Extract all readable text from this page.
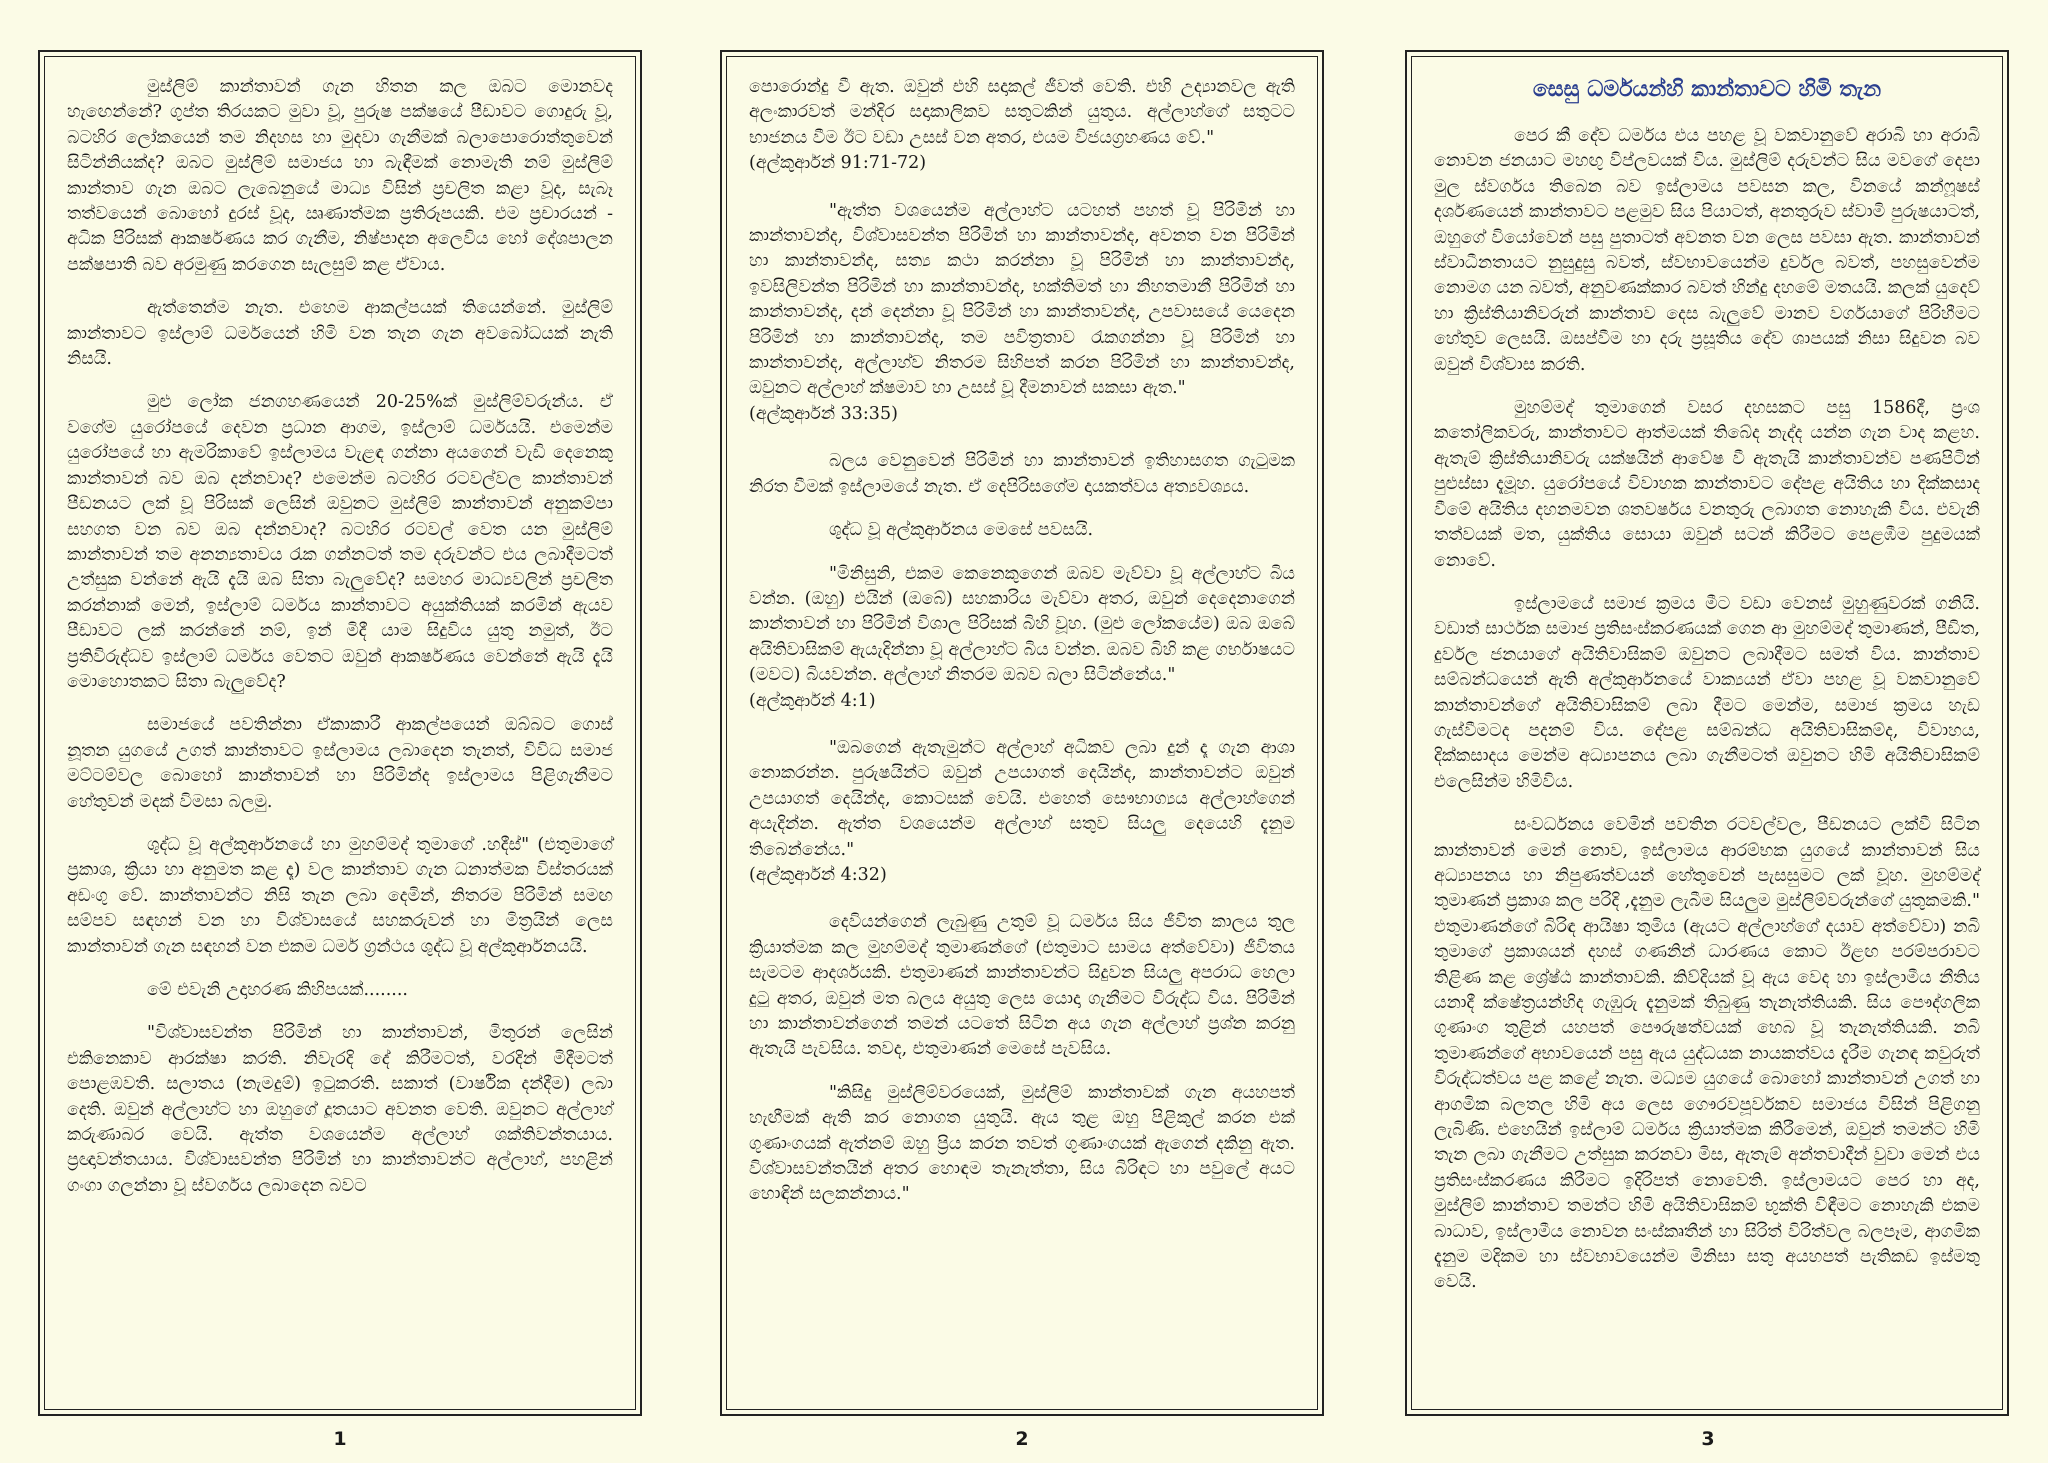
මුස්ලිම් කාන්තාවන් ගැන හිතන කල ඔබට මොනවද හැඟෙන්නේ? ගුප්ත තිරයකට මුවා වූ, පුරුෂ පක්ෂයේ පීඩාවට ගොදුරු වූ, බටහිර ලෝකයෙන් තම නිදහස හා මුදවා ගැනීමක් බලාපොරොත්තුවෙන් සිටින්නියක්ද? ඔබට මුස්ලිම් සමාජය හා බැඳීමක් නොමැති නම් මුස්ලිම් කාන්තාව ගැන ඔබට ලැබෙනුයේ මාධ්‍ය විසින් ප්‍රචලිත කළා වූද, සැබෑ තත්වයෙන් බොහෝ දුරස් වූද, ඍණාත්මක ප්‍රතිරූපයකි. එම ප්‍රචාරයන් - අධික පිරිසක් ආකර්ෂණය කර ගැනීම, නිෂ්පාදන අලෙවිය හෝ දේශපාලන පක්ෂපාති බව අරමුණු කරගෙන සැලසුම් කළ ඒවාය.

ඇත්තෙන්ම නැත. එහෙම ආකල්පයක් තියෙන්නේ. මුස්ලිම් කාන්තාවට ඉස්ලාම් ධර්මයෙන් හිමි වන තැන ගැන අවබෝධයක් නැති නිසයි.

මුළු ලෝක ජනගහණයෙන් 20-25%ක් මුස්ලිම්වරුන්ය. ඒ වගේම යුරෝපයේ දෙවන ප්‍රධාන ආගම, ඉස්ලාම් ධර්මයයි. එමෙන්ම යුරෝපයේ හා ඇමරිකාවේ ඉස්ලාමය වැළඳ ගන්නා අයගෙන් වැඩි දෙනෙකු කාන්තාවන් බව ඔබ දන්නවාද? එමෙන්ම බටහිර රටවල්වල කාන්තාවන් පීඩනයට ලක් වූ පිරිසක් ලෙසින් ඔවුනට මුස්ලිම් කාන්තාවන් අනුකම්පා සහගත වන බව ඔබ දන්නවාද? බටහිර රටවල් වෙත යන මුස්ලිම් කාන්තාවන් තම අනන්‍යතාවය රැක ගන්නටත් තම දරුවන්ට එය ලබාදීමටත් උත්සුක වන්නේ ඇයි දැයි ඔබ සිතා බැලුවේද? සමහර මාධ්‍යවලින් ප්‍රචලිත කරන්නාක් මෙන්, ඉස්ලාම් ධර්මය කාන්තාවට අයුක්තියක් කරමින් ඇයව පීඩාවට ලක් කරන්නේ නම්, ඉන් මිදී යාම සිදුවිය යුතු නමුත්, ඊට ප්‍රතිවිරුද්ධව ඉස්ලාම් ධර්මය වෙතට ඔවුන් ආකර්ෂණය වෙන්නේ ඇයි දැයි මොහොතකට සිතා බැලුවේද?

සමාජයේ පවතින්නා ඒකාකාරී ආකල්පයෙන් ඔබ්බට ගොස් නූතන යුගයේ උගත් කාන්තාවට ඉස්ලාමය ලබාදෙන තැනත්, විවිධ සමාජ මට්ටම්වල බොහෝ කාන්තාවන් හා පිරිමින්ද ඉස්ලාමය පිළිගැනීමට හේතුවන් මදක් විමසා බලමු.

ශුද්ධ වූ අල්කුර්ආනයේ හා මුහම්මද් තුමාගේ .හදීස්" (එතුමාගේ ප්‍රකාශ, ක්‍රියා හා අනුමත කළ දෑ) වල කාන්තාව ගැන ධනාත්මක විස්තරයක් අඩංගු වේ. කාන්තාවන්ට නිසි තැන ලබා දෙමින්, නිතරම පිරිමින් සමඟ සම්පව සඳහන් වන හා විශ්වාසයේ සහකරුවන් හා මිත්‍රයින් ලෙස කාන්තාවන් ගැන සඳහන් වන එකම ධර්ම ග්‍රන්ථය ශුද්ධ වූ අල්කුර්ආනයයි.

මේ එවැනි උදාහරණ කිහිපයක්........

"විශ්වාසවන්ත පිරිමින් හා කාන්තාවන්, මිතුරන් ලෙසින් එකිනෙකාව ආරක්ෂා කරති. නිවැරදි දේ කිරීමටත්, වරදින් මිදීමටත් පොළඹවති. සලාතය (නැමදුම්) ඉටුකරති. සකාත් (වාර්ෂික දන්දීම) ලබා දෙති. ඔවුන් අල්ලාහ්ට හා ඔහුගේ දූතයාට අවනත වෙති. ඔවුනට අල්ලාහ් කරුණාබර වෙයි. ඇත්ත වශයෙන්ම අල්ලාහ් ශක්තිවන්තයාය. ප්‍රඥාවන්තයාය. විශ්වාසවන්ත පිරිමින් හා කාන්තාවන්ට අල්ලාහ්, පහළින් ගංගා ගලන්නා වූ ස්වර්ගය ලබාදෙන බවට

1

පොරොන්දු වී ඇත. ඔවුන් එහි සදාකල් ජීවත් වෙති. එහි උද්‍යානවල ඇති අලංකාරවත් මන්දිර සදාකාලිකව සතුටකින් යුතුය. අල්ලාහ්ගේ සතුටට භාජනය වීම ඊට වඩා උසස් වන අතර, එයම විජයග්‍රහණය වේ."

(අල්කුර්ආන් 91:71-72)

"ඇත්ත වශයෙන්ම අල්ලාහ්ට යටහත් පහත් වූ පිරිමින් හා කාන්තාවන්ද, විශ්වාසවන්ත පිරිමින් හා කාන්තාවන්ද, අවනත වන පිරිමින් හා කාන්තාවන්ද, සත්‍ය කථා කරන්නා වූ පිරිමින් හා කාන්තාවන්ද, ඉවසිලිවන්ත පිරිමින් හා කාන්තාවන්ද, භක්තිමත් හා නිහතමානී පිරිමින් හා කාන්තාවන්ද, දන් දෙන්නා වූ පිරිමින් හා කාන්තාවන්ද, උපවාසයේ යෙදෙන පිරිමින් හා කාන්තාවන්ද, තම පවිත්‍රතාව රැකගන්නා වූ පිරිමින් හා කාන්තාවන්ද, අල්ලාහ්ව නිතරම සිහිපත් කරන පිරිමින් හා කාන්තාවන්ද, ඔවුනට අල්ලාහ් ක්ෂමාව හා උසස් වූ දීමනාවන් සකසා ඇත."

(අල්කුර්ආන් 33:35)

බලය වෙනුවෙන් පිරිමින් හා කාන්තාවන් ඉතිහාසගත ගැටුමක නිරත වීමක් ඉස්ලාමයේ නැත. ඒ දෙපිරිසගේම දායකත්වය අත්‍යවශ්‍යය.

ශුද්ධ වූ අල්කුර්ආනය මෙසේ පවසයි.

"මිනිසුනි, එකම කෙනෙකුගෙන් ඔබව මැව්වා වූ අල්ලාහ්ට බිය වන්න. (ඔහු) එයින් (ඔබේ) සහකාරිය මැව්වා අතර, ඔවුන් දෙදෙනාගෙන් කාන්තාවන් හා පිරිමින් විශාල පිරිසක් බිහි වූහ. (මුළු ලෝකයේම) ඔබ ඔබේ අයිතිවාසිකම් ඇයැදින්නා වූ අල්ලාහ්ට බිය වන්න. ඔබව බිහි කළ ගර්භාෂයට (මවට) බියවන්න. අල්ලාහ් නිතරම ඔබව බලා සිටින්නේය."

(අල්කුර්ආන් 4:1)

"ඔබගෙන් ඇතැමුන්ට අල්ලාහ් අධිකව ලබා දුන් දෑ ගැන ආශා නොකරන්න. පුරුෂයින්ට ඔවුන් උපයාගත් දෙයින්ද, කාන්තාවන්ට ඔවුන් උපයාගත් දෙයින්ද, කොටසක් වෙයි. එහෙත් සෞභාග්‍යය අල්ලාහ්ගෙන් අයැදින්න. ඇත්ත වශයෙන්ම අල්ලාහ් සතුව සියලු දෙයෙහි දැනුම තිබෙන්නේය."

(අල්කුර්ආන් 4:32)

දෙවියන්ගෙන් ලැබුණු උතුම් වූ ධර්මය සිය ජීවිත කාලය තුල ක්‍රියාත්මක කල මුහම්මද් තුමාණන්ගේ (එතුමාට සාමය අත්වේවා) ජීවිතය සැමටම ආදර්ශයකි. එතුමාණන් කාන්තාවන්ට සිදුවන සියලු අපරාධ හෙලා දුටු අතර, ඔවුන් මත බලය අයුතු ලෙස යොදා ගැනීමට විරුද්ධ විය. පිරිමින් හා කාන්තාවන්ගෙන් තමන් යටතේ සිටින අය ගැන අල්ලාහ් ප්‍රශ්න කරනු ඇතැයි පැවසිය. තවද, එතුමාණන් මෙසේ පැවසිය.

"කිසිදු මුස්ලිම්වරයෙක්, මුස්ලිම් කාන්තාවක් ගැන අයහපත් හැඟීමක් ඇති කර නොගත යුතුයි. ඇය තුළ ඔහු පිළිකුල් කරන එක් ගුණාංගයක් ඇත්නම් ඔහු ප්‍රිය කරන තවත් ගුණාංගයක් ඇගෙන් දකිනු ඇත. විශ්වාසවන්තයින් අතර හොඳම තැනැත්තා, සිය බිරිඳට හා පවුලේ අයට හොඳින් සලකන්නාය."

2
සෙසු ධර්මයන්හි කාන්තාවට හිමි තැන

පෙර කී දේව ධර්මය එය පහළ වූ වකවානුවේ අරාබි හා අරාබි නොවන ජනයාට මහඟු විප්ලවයක් විය. මුස්ලිම් දරුවන්ට සිය මවගේ දෙපා මුල ස්වර්ගය තිබෙන බව ඉස්ලාමය පවසන කල, විනයේ කන්ෆූෂස් දර්ශණයෙන් කාන්තාවට පළමුව සිය පියාටත්, අනතුරුව ස්වාමි පුරුෂයාටත්, ඔහුගේ වියෝවෙන් පසු පුතාටත් අවනත වන ලෙස පවසා ඇත. කාන්තාවන් ස්වාධීනතායට නුසුදුසු බවත්, ස්වභාවයෙන්ම දුර්වල බවත්, පහසුවෙන්ම නොමග යන බවත්, අනුවණක්කාර බවත් හින්දු දහමේ මතයයි. කලක් යුදෙව් හා ක්‍රිස්තියානිවරුන් කාන්තාව දෙස බැලුවේ මානව වර්ගයාගේ පිරිහීමට හේතුව ලෙසයි. ඔසප්වීම හා දරු ප්‍රසූතිය දේව ශාපයක් නිසා සිදුවන බව ඔවුන් විශ්වාස කරති.

මුහම්මද් තුමාගෙන් වසර දහසකට පසු 1586දී, ප්‍රංශ කතෝලිකවරු, කාන්තාවට ආත්මයක් තිබේද නැද්ද යන්න ගැන වාද කළහ. ඇතැම් ක්‍රිස්තියානිවරු යක්ෂයින් ආවේෂ වී ඇතැයි කාන්තාවන්ව පණපිටින් පුළුස්සා දැමූහ. යුරෝපයේ විවාහක කාන්තාවට දේපළ අයිතිය හා දික්කසාද වීමේ අයිතිය දහනමවන ශතවර්ෂය වනතුරු ලබාගත නොහැකි විය. එවැනි තත්වයක් මත, යුක්තිය සොයා ඔවුන් සටන් කිරීමට පෙළඹීම පුදුමයක් නොවේ.

ඉස්ලාමයේ සමාජ ක්‍රමය මීට වඩා වෙනස් මුහුණුවරක් ගනියි. වඩාත් සාර්ථක සමාජ ප්‍රතිසංස්කරණයක් ගෙන ආ මුහම්මද් තුමාණන්, පීඩිත, දුර්වල ජනයාගේ අයිතිවාසිකම් ඔවුනට ලබාදීමට සමත් විය. කාන්තාව සම්බන්ධයෙන් ඇති අල්කුර්ආනයේ වාක්‍යයන් ඒවා පහළ වූ වකවානුවේ කාන්තාවන්ගේ අයිතිවාසිකම් ලබා දීමට මෙන්ම, සමාජ ක්‍රමය හැඩ ගැස්වීමටද පදනම් විය. දේපළ සම්බන්ධ අයිතිවාසිකම්ද, විවාහය, දික්කසාදය මෙන්ම අධ්‍යාපනය ලබා ගැනීමටත් ඔවුනට හිමි අයිතිවාසිකම් එලෙසින්ම හිමිවිය.

සංවර්ධනය වෙමින් පවතින රටවල්වල, පීඩනයට ලක්වී සිටින කාන්තාවන් මෙන් නොව, ඉස්ලාමය ආරම්භක යුගයේ කාන්තාවන් සිය අධ්‍යාපනය හා නිපුණත්වයන් හේතුවෙන් පැසසුමට ලක් වූහ. මුහම්මද් තුමාණන් ප්‍රකාශ කල පරිදි ,දැනුම ලැබීම සියලුම මුස්ලිම්වරුන්ගේ යුතුකමකි." එතුමාණන්ගේ බිරිඳ ආයිෂා තුමිය (ඇයට අල්ලාහ්ගේ දයාව අත්වේවා) නබි තුමාගේ ප්‍රකාශයන් දහස් ගණනින් ධාරණය කොට ඊළඟ පරම්පරාවට තිළිණ කළ ශ්‍රේෂ්ඨ කාන්තාවකි. කිව්දියක් වූ ඇය වෙද හා ඉස්ලාමීය නීතිය යනාදී ක්ෂේත්‍රයන්හිද ගැඹුරු දැනුමක් තිබුණු තැනැත්තියකි. සිය පෞද්ගලික ගුණාංග තුළින් යහපත් පෞරුෂත්වයක් හෙබ වූ තැනැත්තියකි. නබි තුමාණන්ගේ අභාවයෙන් පසු ඇය යුද්ධයක නායකත්වය දැරීම ගැනඳ කවුරුත් විරුද්ධත්වය පළ කළේ නැත. මධ්‍යම යුගයේ බොහෝ කාන්තාවන් උගත් හා ආගමික බලතල හිමි අය ලෙස ගෞරවපූර්වකව සමාජය විසින් පිළිගනු ලැබිණි. එහෙයින් ඉස්ලාම් ධර්මය ක්‍රියාත්මක කිරීමෙන්, ඔවුන් තමන්ට හිමි තැන ලබා ගැනීමට උත්සුක කරනවා මිස, ඇතැම් අන්තවාදීන් වුවා මෙන් එය ප්‍රතිසංස්කරණය කිරීමට ඉදිරිපත් නොවෙති. ඉස්ලාමයට පෙර හා අද, මුස්ලිම් කාන්තාව තමන්ට හිමි අයිතිවාසිකම් භුක්ති විඳීමට නොහැකි එකම බාධාව, ඉස්ලාමීය නොවන සංස්කෘතීන් හා සිරිත් විරිත්වල බලපෑම, ආගමික දැනුම මදිකම හා ස්වභාවයෙන්ම මිනිසා සතු අයහපත් පැතිකඩ ඉස්මතු වෙයි.

3
